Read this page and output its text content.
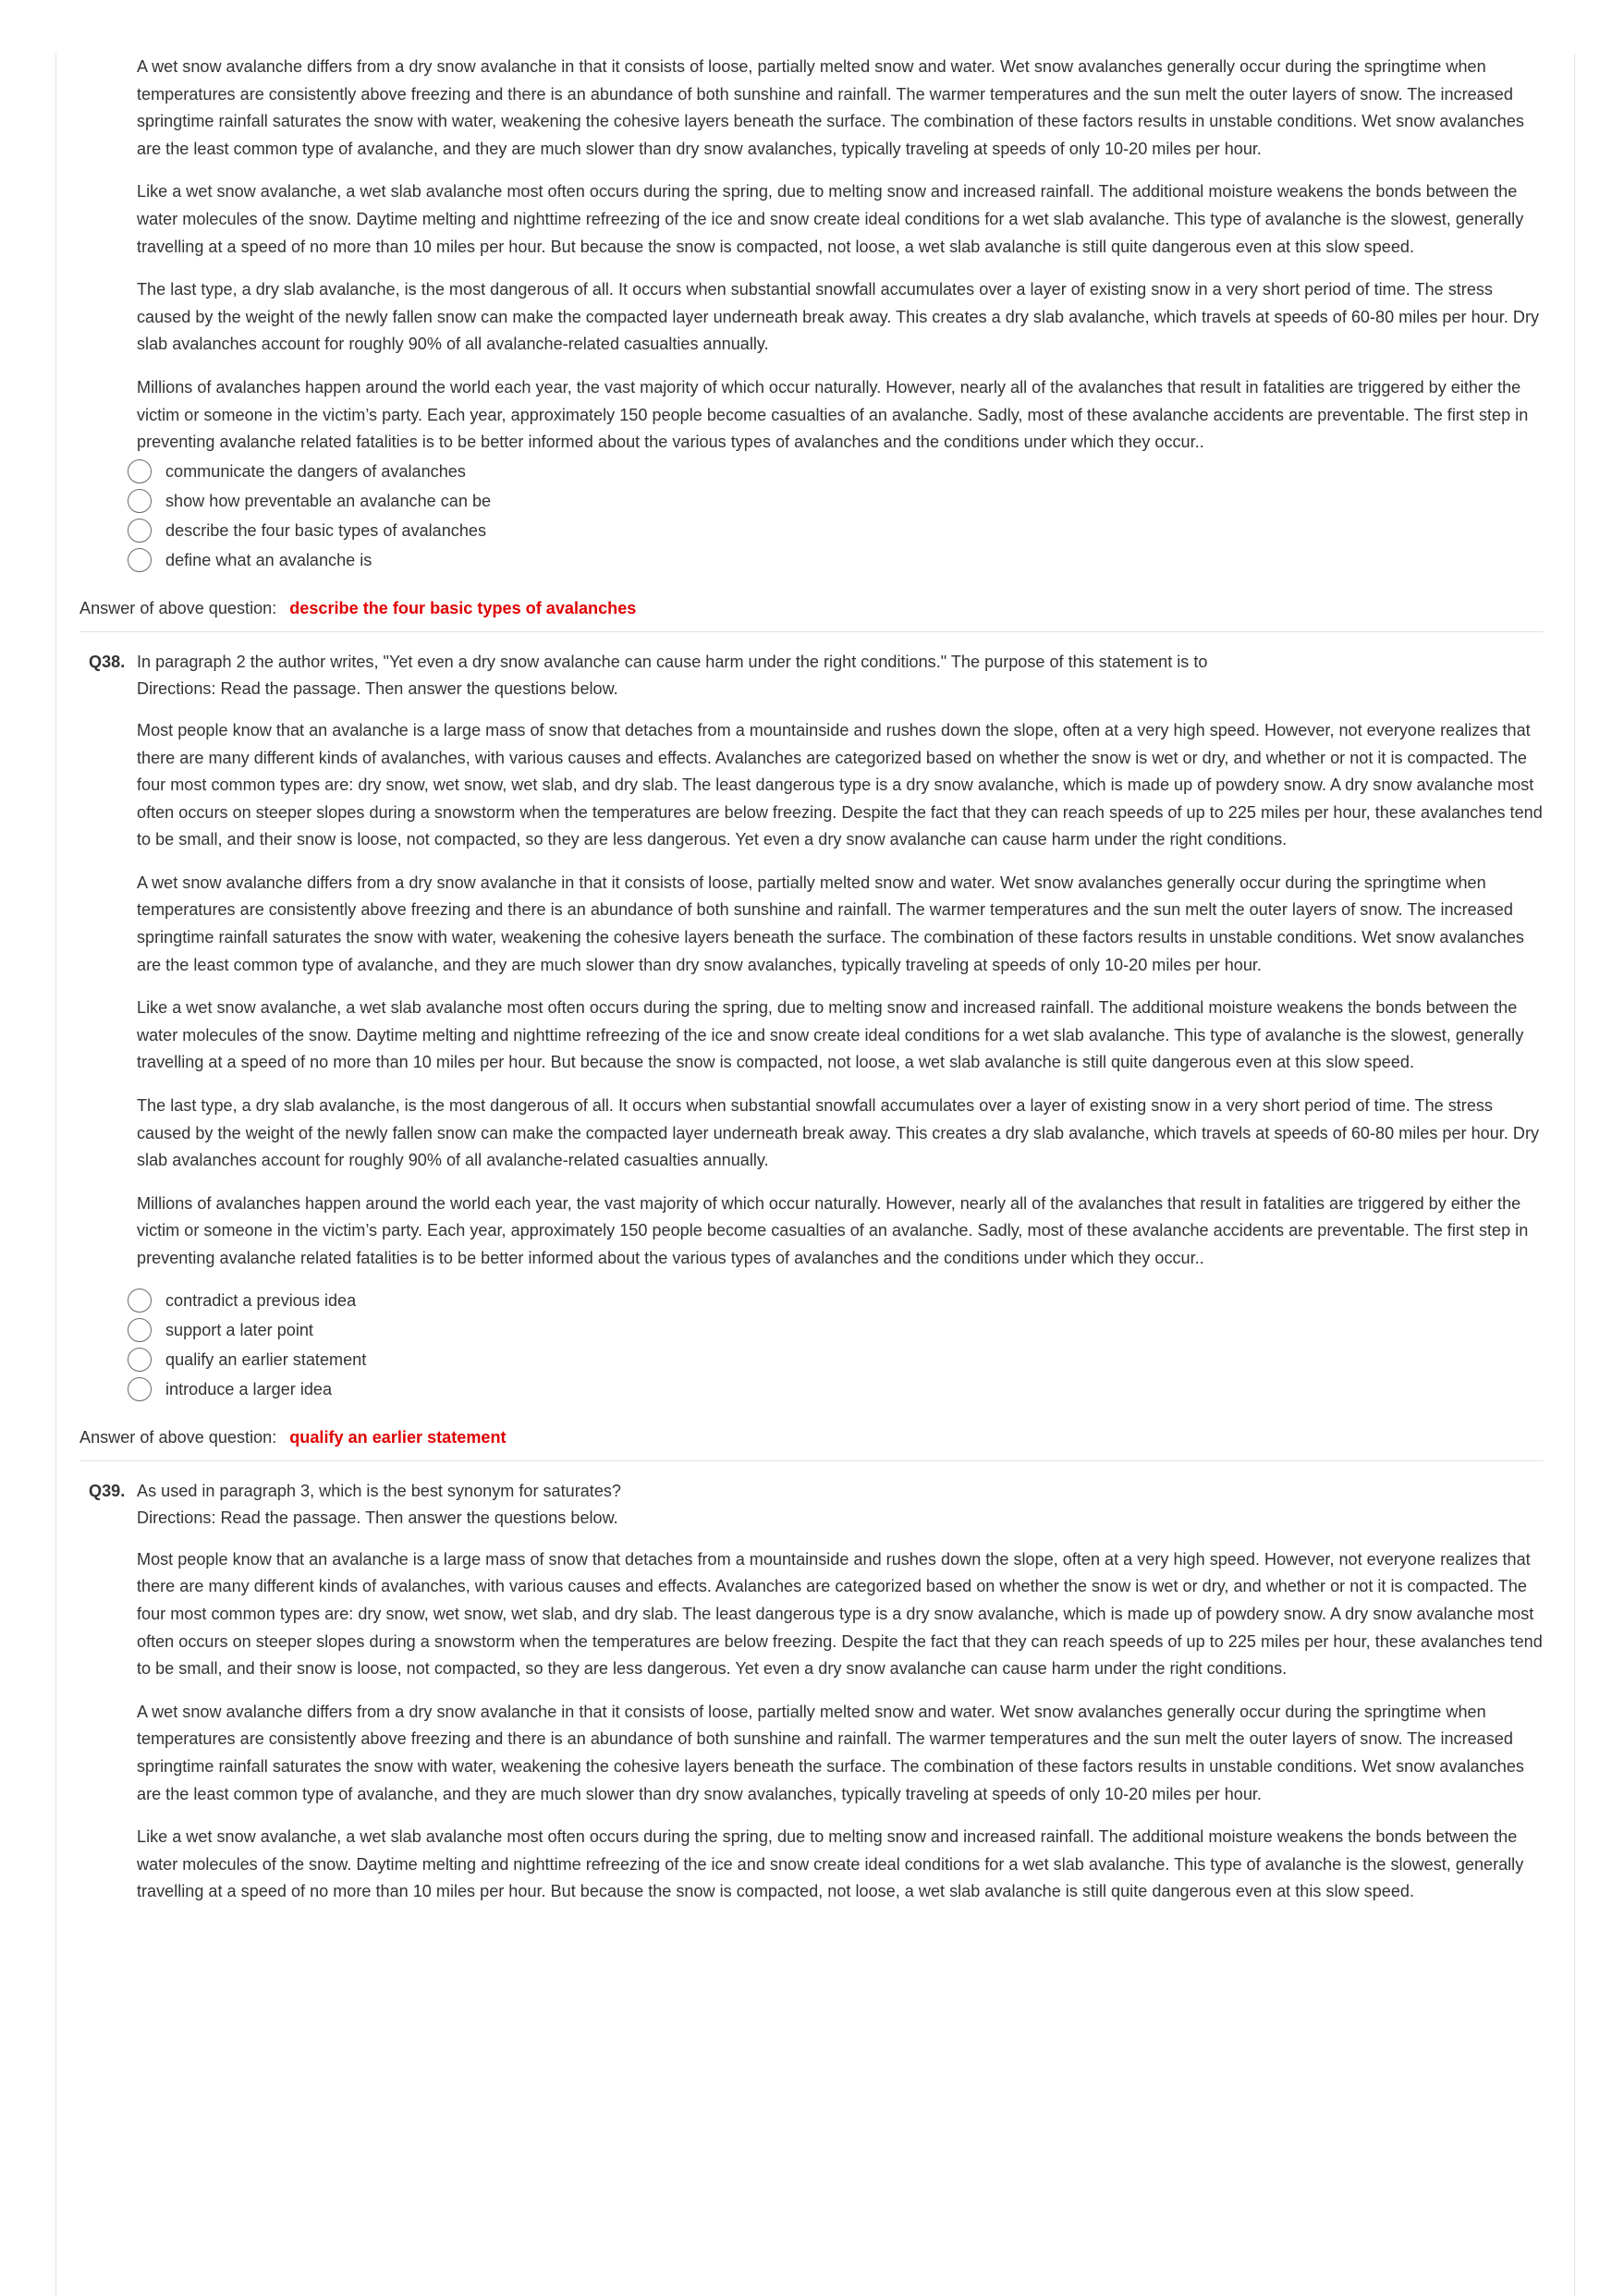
A wet snow avalanche differs from a dry snow avalanche in that it consists of loose, partially melted snow and water. Wet snow avalanches generally occur during the springtime when temperatures are consistently above freezing and there is an abundance of both sunshine and rainfall. The warmer temperatures and the sun melt the outer layers of snow. The increased springtime rainfall saturates the snow with water, weakening the cohesive layers beneath the surface. The combination of these factors results in unstable conditions. Wet snow avalanches are the least common type of avalanche, and they are much slower than dry snow avalanches, typically traveling at speeds of only 10-20 miles per hour.

Like a wet snow avalanche, a wet slab avalanche most often occurs during the spring, due to melting snow and increased rainfall. The additional moisture weakens the bonds between the water molecules of the snow. Daytime melting and nighttime refreezing of the ice and snow create ideal conditions for a wet slab avalanche. This type of avalanche is the slowest, generally travelling at a speed of no more than 10 miles per hour. But because the snow is compacted, not loose, a wet slab avalanche is still quite dangerous even at this slow speed.

The last type, a dry slab avalanche, is the most dangerous of all. It occurs when substantial snowfall accumulates over a layer of existing snow in a very short period of time. The stress caused by the weight of the newly fallen snow can make the compacted layer underneath break away. This creates a dry slab avalanche, which travels at speeds of 60-80 miles per hour. Dry slab avalanches account for roughly 90% of all avalanche-related casualties annually.

Millions of avalanches happen around the world each year, the vast majority of which occur naturally. However, nearly all of the avalanches that result in fatalities are triggered by either the victim or someone in the victim’s party. Each year, approximately 150 people become casualties of an avalanche. Sadly, most of these avalanche accidents are preventable. The first step in preventing avalanche related fatalities is to be better informed about the various types of avalanches and the conditions under which they occur..

communicate the dangers of avalanches
show how preventable an avalanche can be
describe the four basic types of avalanches
define what an avalanche is
Answer of above question: describe the four basic types of avalanches
Q38. In paragraph 2 the author writes, "Yet even a dry snow avalanche can cause harm under the right conditions." The purpose of this statement is to
Directions: Read the passage. Then answer the questions below.

Most people know that an avalanche is a large mass of snow that detaches from a mountainside and rushes down the slope, often at a very high speed. However, not everyone realizes that there are many different kinds of avalanches, with various causes and effects. Avalanches are categorized based on whether the snow is wet or dry, and whether or not it is compacted. The four most common types are: dry snow, wet snow, wet slab, and dry slab. The least dangerous type is a dry snow avalanche, which is made up of powdery snow. A dry snow avalanche most often occurs on steeper slopes during a snowstorm when the temperatures are below freezing. Despite the fact that they can reach speeds of up to 225 miles per hour, these avalanches tend to be small, and their snow is loose, not compacted, so they are less dangerous. Yet even a dry snow avalanche can cause harm under the right conditions.

A wet snow avalanche differs from a dry snow avalanche in that it consists of loose, partially melted snow and water. Wet snow avalanches generally occur during the springtime when temperatures are consistently above freezing and there is an abundance of both sunshine and rainfall. The warmer temperatures and the sun melt the outer layers of snow. The increased springtime rainfall saturates the snow with water, weakening the cohesive layers beneath the surface. The combination of these factors results in unstable conditions. Wet snow avalanches are the least common type of avalanche, and they are much slower than dry snow avalanches, typically traveling at speeds of only 10-20 miles per hour.

Like a wet snow avalanche, a wet slab avalanche most often occurs during the spring, due to melting snow and increased rainfall. The additional moisture weakens the bonds between the water molecules of the snow. Daytime melting and nighttime refreezing of the ice and snow create ideal conditions for a wet slab avalanche. This type of avalanche is the slowest, generally travelling at a speed of no more than 10 miles per hour. But because the snow is compacted, not loose, a wet slab avalanche is still quite dangerous even at this slow speed.

The last type, a dry slab avalanche, is the most dangerous of all. It occurs when substantial snowfall accumulates over a layer of existing snow in a very short period of time. The stress caused by the weight of the newly fallen snow can make the compacted layer underneath break away. This creates a dry slab avalanche, which travels at speeds of 60-80 miles per hour. Dry slab avalanches account for roughly 90% of all avalanche-related casualties annually.

Millions of avalanches happen around the world each year, the vast majority of which occur naturally. However, nearly all of the avalanches that result in fatalities are triggered by either the victim or someone in the victim’s party. Each year, approximately 150 people become casualties of an avalanche. Sadly, most of these avalanche accidents are preventable. The first step in preventing avalanche related fatalities is to be better informed about the various types of avalanches and the conditions under which they occur..

contradict a previous idea
support a later point
qualify an earlier statement
introduce a larger idea
Answer of above question: qualify an earlier statement
Q39. As used in paragraph 3, which is the best synonym for saturates?
Directions: Read the passage. Then answer the questions below.

Most people know that an avalanche is a large mass of snow that detaches from a mountainside and rushes down the slope, often at a very high speed. However, not everyone realizes that there are many different kinds of avalanches, with various causes and effects. Avalanches are categorized based on whether the snow is wet or dry, and whether or not it is compacted. The four most common types are: dry snow, wet snow, wet slab, and dry slab. The least dangerous type is a dry snow avalanche, which is made up of powdery snow. A dry snow avalanche most often occurs on steeper slopes during a snowstorm when the temperatures are below freezing. Despite the fact that they can reach speeds of up to 225 miles per hour, these avalanches tend to be small, and their snow is loose, not compacted, so they are less dangerous. Yet even a dry snow avalanche can cause harm under the right conditions.

A wet snow avalanche differs from a dry snow avalanche in that it consists of loose, partially melted snow and water. Wet snow avalanches generally occur during the springtime when temperatures are consistently above freezing and there is an abundance of both sunshine and rainfall. The warmer temperatures and the sun melt the outer layers of snow. The increased springtime rainfall saturates the snow with water, weakening the cohesive layers beneath the surface. The combination of these factors results in unstable conditions. Wet snow avalanches are the least common type of avalanche, and they are much slower than dry snow avalanches, typically traveling at speeds of only 10-20 miles per hour.

Like a wet snow avalanche, a wet slab avalanche most often occurs during the spring, due to melting snow and increased rainfall. The additional moisture weakens the bonds between the water molecules of the snow. Daytime melting and nighttime refreezing of the ice and snow create ideal conditions for a wet slab avalanche. This type of avalanche is the slowest, generally travelling at a speed of no more than 10 miles per hour. But because the snow is compacted, not loose, a wet slab avalanche is still quite dangerous even at this slow speed.
